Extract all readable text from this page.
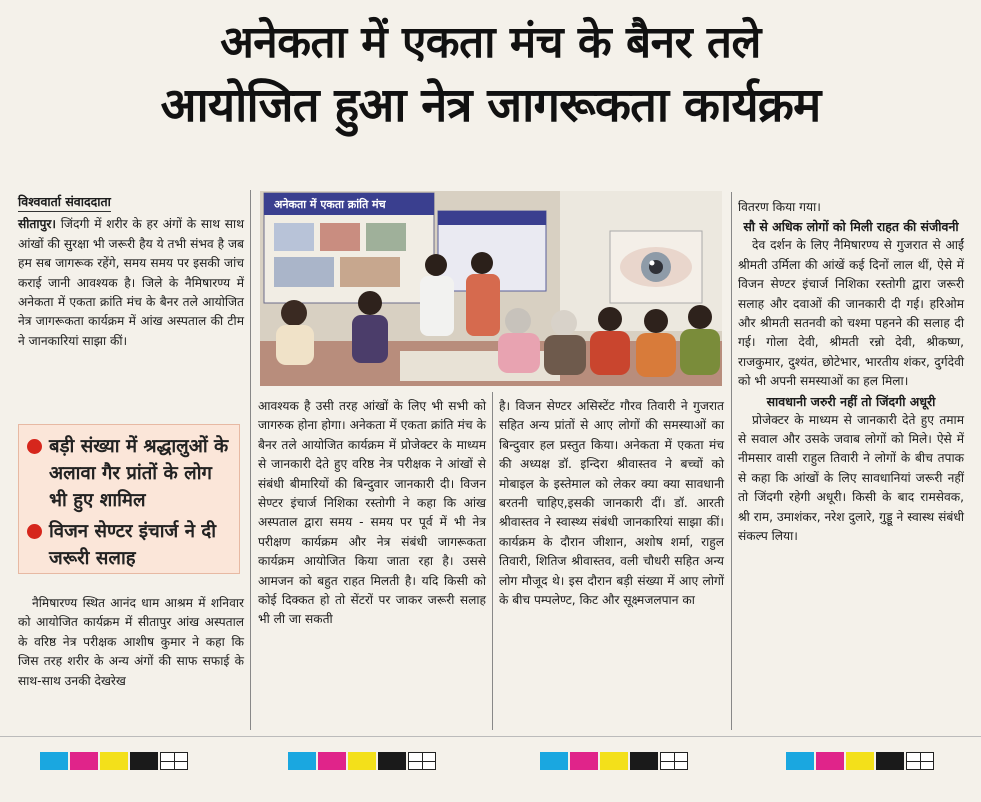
अनेकता में एकता मंच के बैनर तले
आयोजित हुआ नेत्र जागरूकता कार्यक्रम
विश्ववार्ता संवाददाता

सीतापुर। जिंदगी में शरीर के हर अंगों के साथ साथ आंखों की सुरक्षा भी जरूरी हैय ये तभी संभव है जब हम सब जागरूक रहेंगे, समय समय पर इसकी जांच कराई जानी आवश्यक है। जिले के नैमिषारण्य में अनेकता में एकता क्रांति मंच के बैनर तले आयोजित नेत्र जागरूकता कार्यक्रम में आंख अस्पताल की टीम ने जानकारियां साझा कीं।

बड़ी संख्या में श्रद्धालुओं के अलावा गैर प्रांतों के लोग भी हुए शामिल
विजन सेण्टर इंचार्ज ने दी जरूरी सलाह

नैमिषारण्य स्थित आनंद धाम आश्रम में शनिवार को आयोजित कार्यक्रम में सीतापुर आंख अस्पताल के वरिष्ठ नेत्र परीक्षक आशीष कुमार ने कहा कि जिस तरह शरीर के अन्य अंगों की साफ सफाई के साथ-साथ उनकी देखरेख

अनेकता में एकता क्रांति मंच

आवश्यक है उसी तरह आंखों के लिए भी सभी को जागरुक होना होगा। अनेकता में एकता क्रांति मंच के बैनर तले आयोजित कार्यक्रम में प्रोजेक्टर के माध्यम से जानकारी देते हुए वरिष्ठ नेत्र परीक्षक ने आंखों से संबंधी बीमारियों की बिन्दुवार जानकारी दी। विजन सेण्टर इंचार्ज निशिका रस्तोगी ने कहा कि आंख अस्पताल द्वारा समय - समय पर पूर्व में भी नेत्र परीक्षण कार्यक्रम और नेत्र संबंधी जागरूकता कार्यक्रम आयोजित किया जाता रहा है। उससे आमजन को बहुत राहत मिलती है। यदि किसी को कोई दिक्कत हो तो सेंटरों पर जाकर जरूरी सलाह भी ली जा सकती

है। विजन सेण्टर असिस्टेंट गौरव तिवारी ने गुजरात सहित अन्य प्रांतों से आए लोगों की समस्याओं का बिन्दुवार हल प्रस्तुत किया। अनेकता में एकता मंच की अध्यक्ष डॉ. इन्दिरा श्रीवास्तव ने बच्चों को मोबाइल के इस्तेमाल को लेकर क्या क्या सावधानी बरतनी चाहिए,इसकी जानकारी दीं। डॉ. आरती श्रीवास्तव ने स्वास्थ्य संबंधी जानकारियां साझा कीं। कार्यक्रम के दौरान जीशान, अशोष शर्मा, राहुल तिवारी, शितिज श्रीवास्तव, वली चौधरी सहित अन्य लोग मौजूद थे। इस दौरान बड़ी संख्या में आए लोगों के बीच पम्पलेण्ट, किट और सूक्ष्मजलपान का

वितरण किया गया।

सौ से अधिक लोगों को मिली राहत की संजीवनी

देव दर्शन के लिए नैमिषारण्य से गुजरात से आईं श्रीमती उर्मिला की आंखें कई दिनों लाल थीं, ऐसे में विजन सेण्टर इंचार्ज निशिका रस्तोगी द्वारा जरूरी सलाह और दवाओं की जानकारी दी गई। हरिओम और श्रीमती सतनवी को चश्मा पहनने की सलाह दी गई। गोला देवी, श्रीमती रन्नो देवी, श्रीकष्ण, राजकुमार, दुश्यंत, छोटेभार, भारतीय शंकर, दुर्गदेवी को भी अपनी समस्याओं का हल मिला।

सावधानी जरुरी नहीं तो जिंदगी अधूरी

प्रोजेक्टर के माध्यम से जानकारी देते हुए तमाम से सवाल और उसके जवाब लोगों को मिले। ऐसे में नीमसार वासी राहुल तिवारी ने लोगों के बीच तपाक से कहा कि आंखों के लिए सावधानियां जरूरी नहीं तो जिंदगी रहेगी अधूरी। किसी के बाद रामसेवक, श्री राम, उमाशंकर, नरेश दुलारे, गुड्डू ने स्वास्थ संबंधी संकल्प लिया।
